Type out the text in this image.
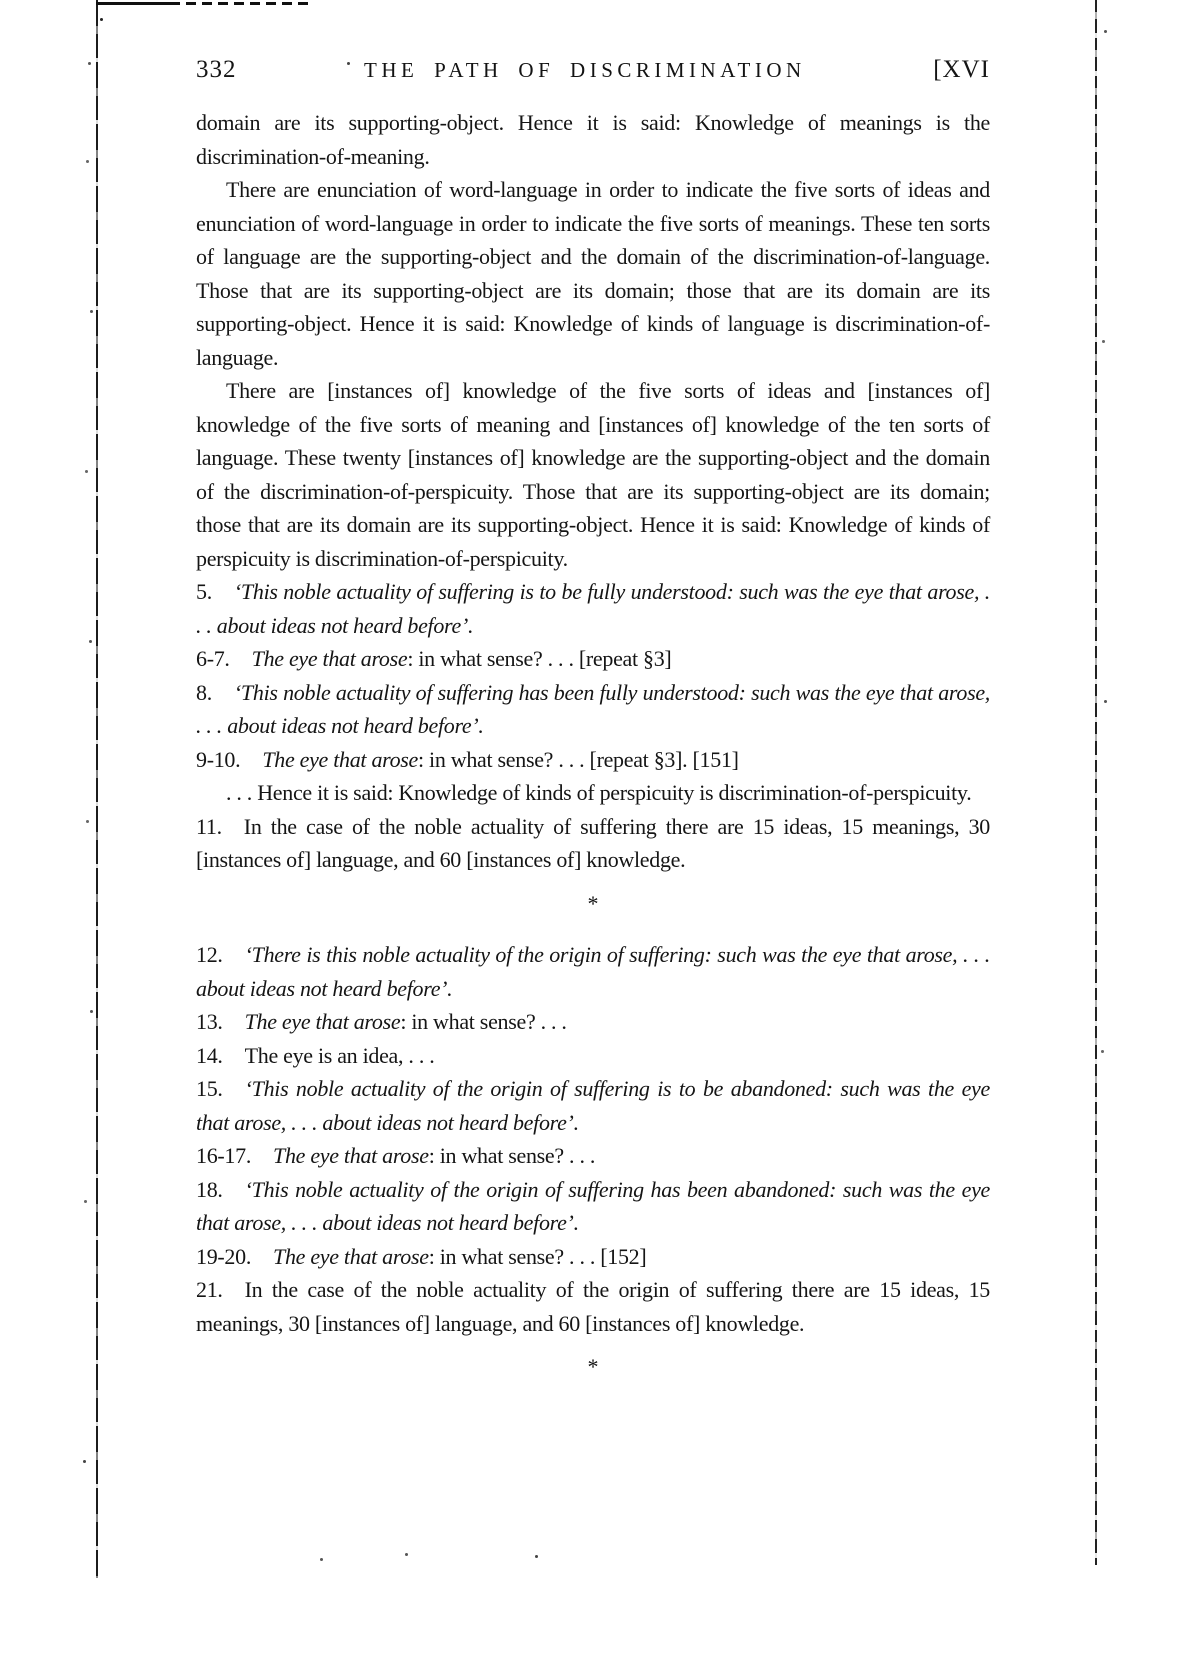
332	THE PATH OF DISCRIMINATION	[XVI

domain are its supporting-object. Hence it is said: Knowledge of meanings is the discrimination-of-meaning.

There are enunciation of word-language in order to indicate the five sorts of ideas and enunciation of word-language in order to indicate the five sorts of meanings. These ten sorts of language are the supporting-object and the domain of the discrimination-of-language. Those that are its supporting-object are its domain; those that are its domain are its supporting-object. Hence it is said: Knowledge of kinds of language is discrimination-of-language.

There are [instances of] knowledge of the five sorts of ideas and [instances of] knowledge of the five sorts of meaning and [instances of] knowledge of the ten sorts of language. These twenty [instances of] knowledge are the supporting-object and the domain of the discrimination-of-perspicuity. Those that are its supporting-object are its domain; those that are its domain are its supporting-object. Hence it is said: Knowledge of kinds of perspicuity is discrimination-of-perspicuity.

5. ‘This noble actuality of suffering is to be fully understood: such was the eye that arose, . . . about ideas not heard before’.

6-7. The eye that arose: in what sense? . . . [repeat §3]

8. ‘This noble actuality of suffering has been fully understood: such was the eye that arose, . . . about ideas not heard before’.

9-10. The eye that arose: in what sense? . . . [repeat §3]. [151]

. . . Hence it is said: Knowledge of kinds of perspicuity is discrimination-of-perspicuity.

11. In the case of the noble actuality of suffering there are 15 ideas, 15 meanings, 30 [instances of] language, and 60 [instances of] knowledge.

*

12. ‘There is this noble actuality of the origin of suffering: such was the eye that arose, . . . about ideas not heard before’.

13. The eye that arose: in what sense? . . .

14. The eye is an idea, . . .

15. ‘This noble actuality of the origin of suffering is to be abandoned: such was the eye that arose, . . . about ideas not heard before’.

16-17. The eye that arose: in what sense? . . .

18. ‘This noble actuality of the origin of suffering has been abandoned: such was the eye that arose, . . . about ideas not heard before’.

19-20. The eye that arose: in what sense? . . . [152]

21. In the case of the noble actuality of the origin of suffering there are 15 ideas, 15 meanings, 30 [instances of] language, and 60 [instances of] knowledge.

*
